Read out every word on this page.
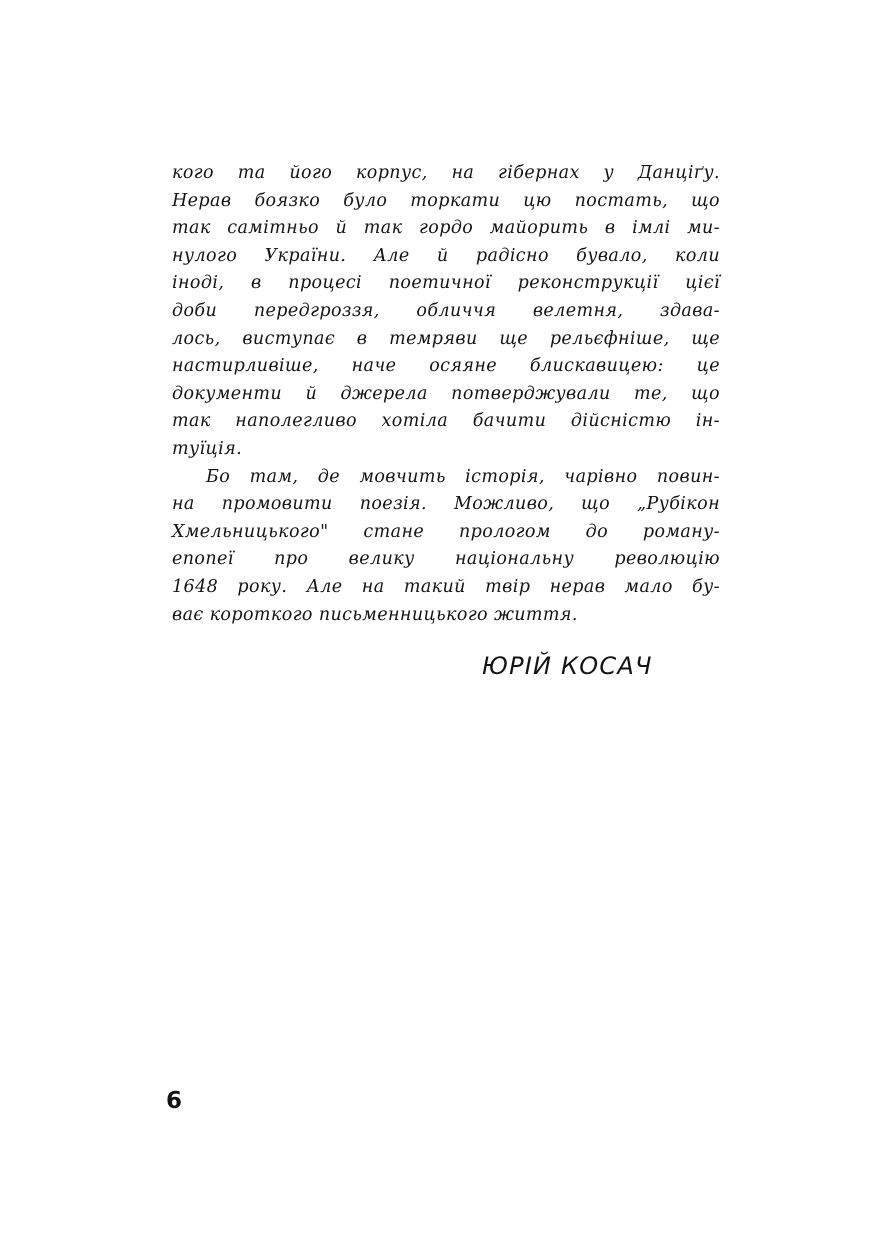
кого та його корпус, на гібернах у Данціґу.
Нерав боязко було торкати цю постать, що
так самітньо й так гордо майорить в імлі ми-
нулого України. Але й радісно бувало, коли
іноді, в процесі поетичної реконструкції цієї
доби передгроззя, обличчя велетня, здава-
лось, виступає в темряви ще рельєфніше, ще
настирливіше, наче осяяне блискавицею: це
документи й джерела потверджували те, що
так наполегливо хотіла бачити дійсністю ін-
туїція.
Бо там, де мовчить історія, чарівно повин-
на промовити поезія. Можливо, що „Рубікон
Хмельницького" стане прологом до роману-
епопеї про велику національну революцію
1648 року. Але на такий твір нерав мало бу-
ває короткого письменницького життя.
ЮРІЙ КОСАЧ
6
